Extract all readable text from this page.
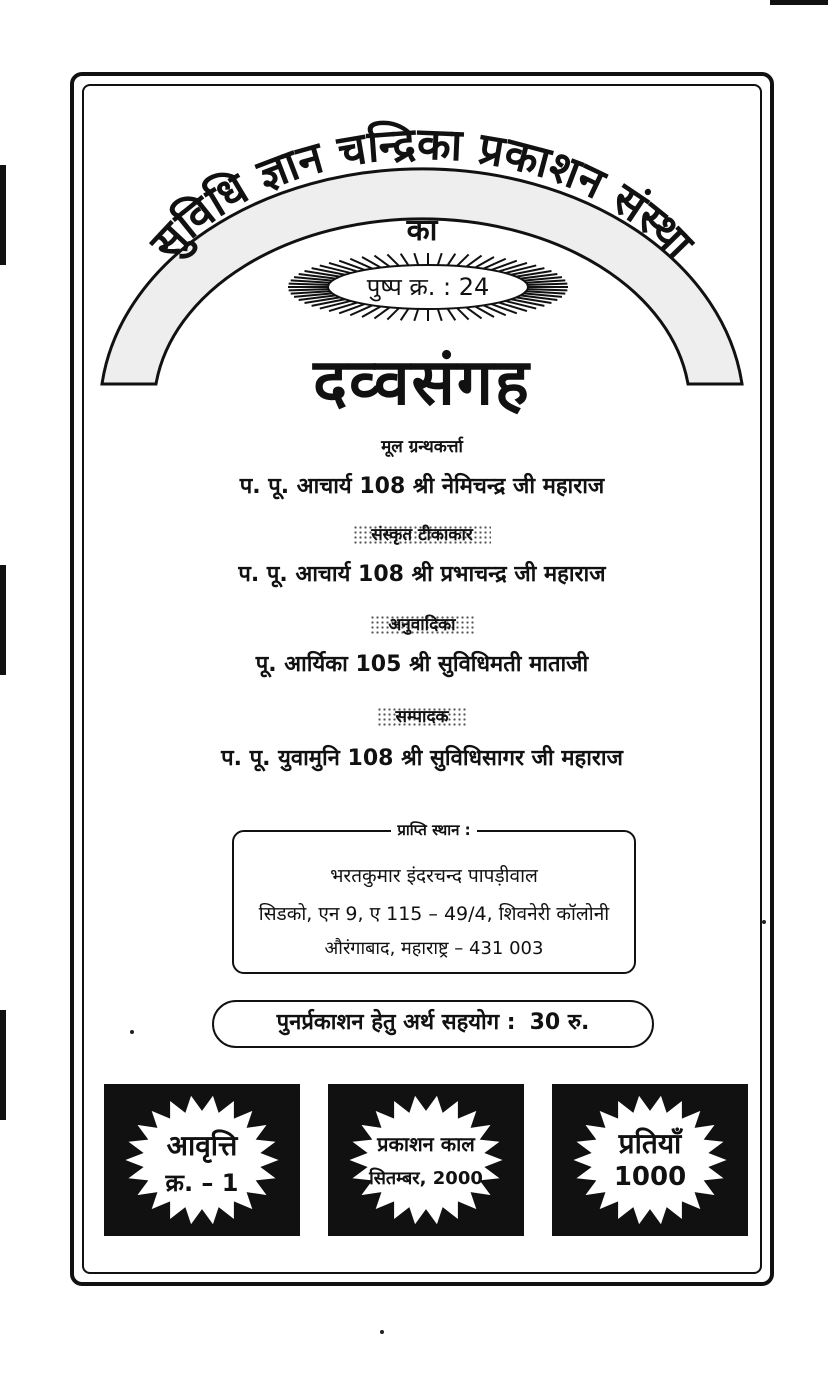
सुविधि ज्ञान चन्द्रिका प्रकाशन संस्था
का
पुष्प क्र. : 24
दव्वसंगह
मूल ग्रन्थकर्त्ता
प. पू. आचार्य 108 श्री नेमिचन्द्र जी महाराज
संस्कृत टीकाकार
प. पू. आचार्य 108 श्री प्रभाचन्द्र जी महाराज
अनुवादिका
पू. आर्यिका 105 श्री सुविधिमती माताजी
सम्पादक
प. पू. युवामुनि 108 श्री सुविधिसागर जी महाराज
प्राप्ति स्थान :
भरतकुमार इंदरचन्द पापड़ीवाल
सिडको, एन 9, ए 115 – 49/4, शिवनेरी कॉलोनी
औरंगाबाद, महाराष्ट्र – 431 003
पुनर्प्रकाशन हेतु अर्थ सहयोग : 30 रु.
आवृत्ति
क्र. – 1
प्रकाशन काल
सितम्बर, 2000
प्रतियाँ
1000
